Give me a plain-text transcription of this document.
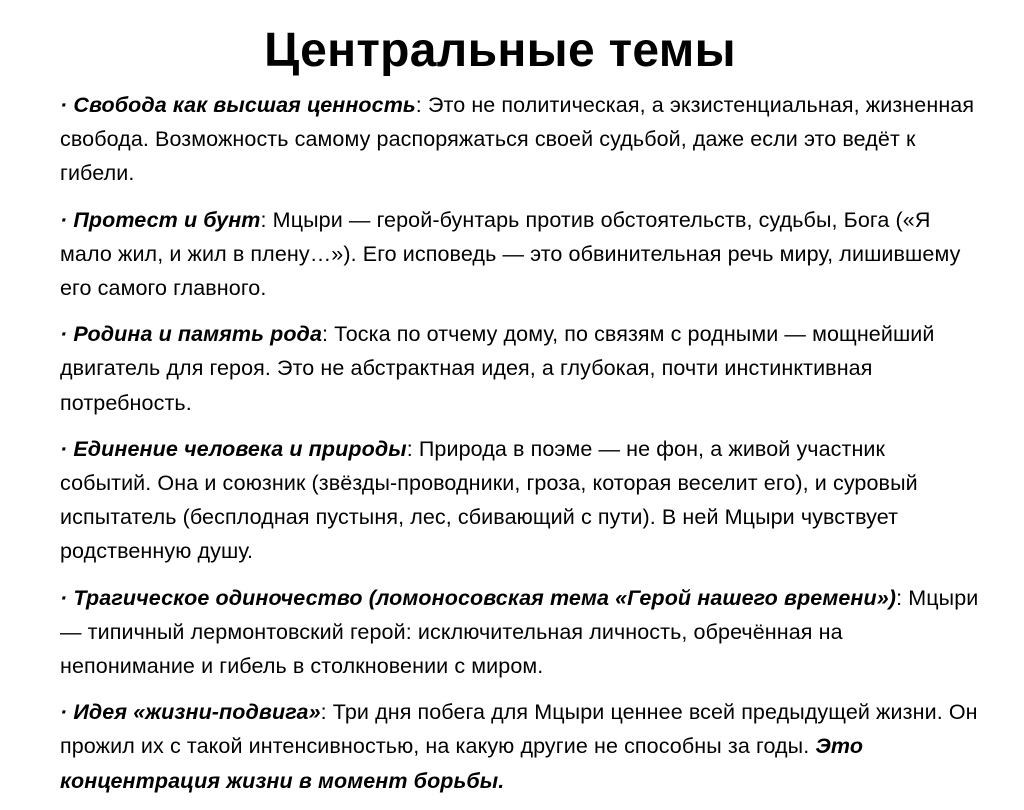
Центральные темы

· Свобода как высшая ценность: Это не политическая, а экзистенциальная, жизненная свобода. Возможность самому распоряжаться своей судьбой, даже если это ведёт к гибели.

· Протест и бунт: Мцыри — герой-бунтарь против обстоятельств, судьбы, Бога («Я мало жил, и жил в плену…»). Его исповедь — это обвинительная речь миру, лишившему его самого главного.

· Родина и память рода: Тоска по отчему дому, по связям с родными — мощнейший двигатель для героя. Это не абстрактная идея, а глубокая, почти инстинктивная потребность.

· Единение человека и природы: Природа в поэме — не фон, а живой участник событий. Она и союзник (звёзды-проводники, гроза, которая веселит его), и суровый испытатель (бесплодная пустыня, лес, сбивающий с пути). В ней Мцыри чувствует родственную душу.

· Трагическое одиночество (ломоносовская тема «Герой нашего времени»): Мцыри — типичный лермонтовский герой: исключительная личность, обречённая на непонимание и гибель в столкновении с миром.

· Идея «жизни-подвига»: Три дня побега для Мцыри ценнее всей предыдущей жизни. Он прожил их с такой интенсивностью, на какую другие не способны за годы. Это концентрация жизни в момент борьбы.
